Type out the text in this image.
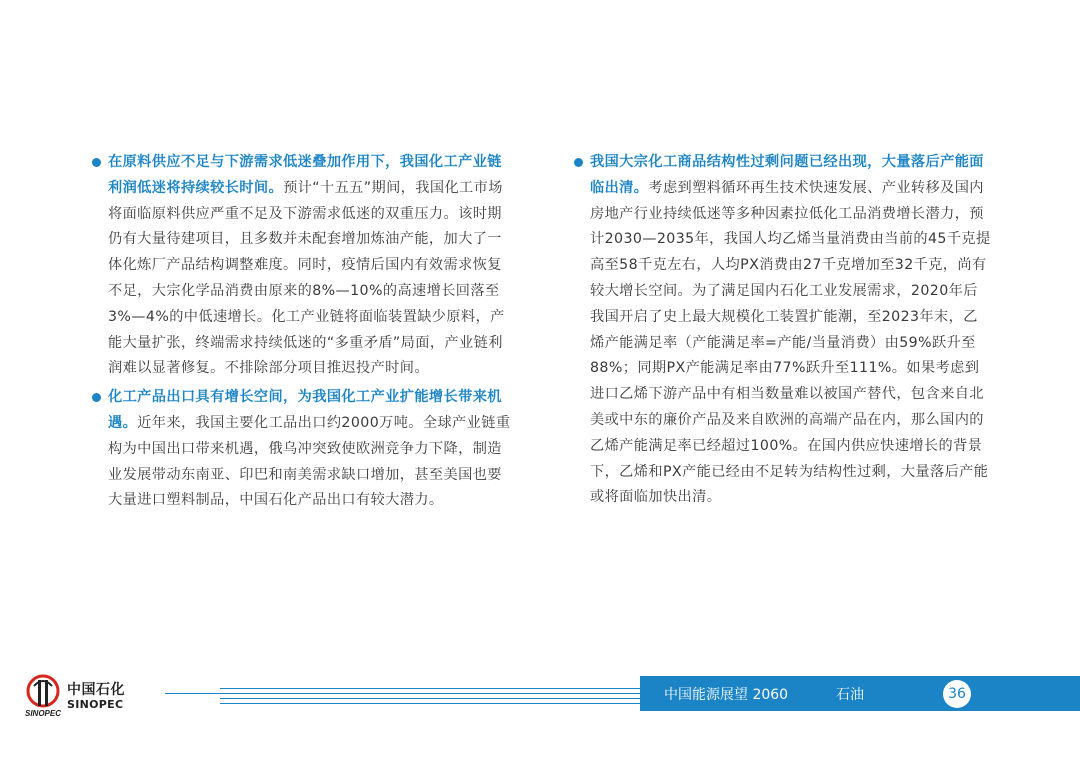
在原料供应不足与下游需求低迷叠加作用下，我国化工产业链利润低迷将持续较长时间。预计“十五五”期间，我国化工市场将面临原料供应严重不足及下游需求低迷的双重压力。该时期仍有大量待建项目，且多数并未配套增加炼油产能，加大了一体化炼厂产品结构调整难度。同时，疫情后国内有效需求恢复不足，大宗化学品消费由原来的8%—10%的高速增长回落至3%—4%的中低速增长。化工产业链将面临装置缺少原料，产能大量扩张，终端需求持续低迷的“多重矛盾”局面，产业链利润难以显著修复。不排除部分项目推迟投产时间。

化工产品出口具有增长空间，为我国化工产业扩能增长带来机遇。近年来，我国主要化工品出口约2000万吨。全球产业链重构为中国出口带来机遇，俄乌冲突致使欧洲竞争力下降，制造业发展带动东南亚、印巴和南美需求缺口增加，甚至美国也要大量进口塑料制品，中国石化产品出口有较大潜力。

我国大宗化工商品结构性过剩问题已经出现，大量落后产能面临出清。考虑到塑料循环再生技术快速发展、产业转移及国内房地产行业持续低迷等多种因素拉低化工品消费增长潜力，预计2030—2035年，我国人均乙烯当量消费由当前的45千克提高至58千克左右，人均PX消费由27千克增加至32千克，尚有较大增长空间。为了满足国内石化工业发展需求，2020年后我国开启了史上最大规模化工装置扩能潮，至2023年末，乙烯产能满足率（产能满足率=产能/当量消费）由59%跃升至88%；同期PX产能满足率由77%跃升至111%。如果考虑到进口乙烯下游产品中有相当数量难以被国产替代，包含来自北美或中东的廉价产品及来自欧洲的高端产品在内，那么国内的乙烯产能满足率已经超过100%。在国内供应快速增长的背景下，乙烯和PX产能已经由不足转为结构性过剩，大量落后产能或将面临加快出清。

SINOPEC
中国石化
SINOPEC
中国能源展望 2060	石油	36
